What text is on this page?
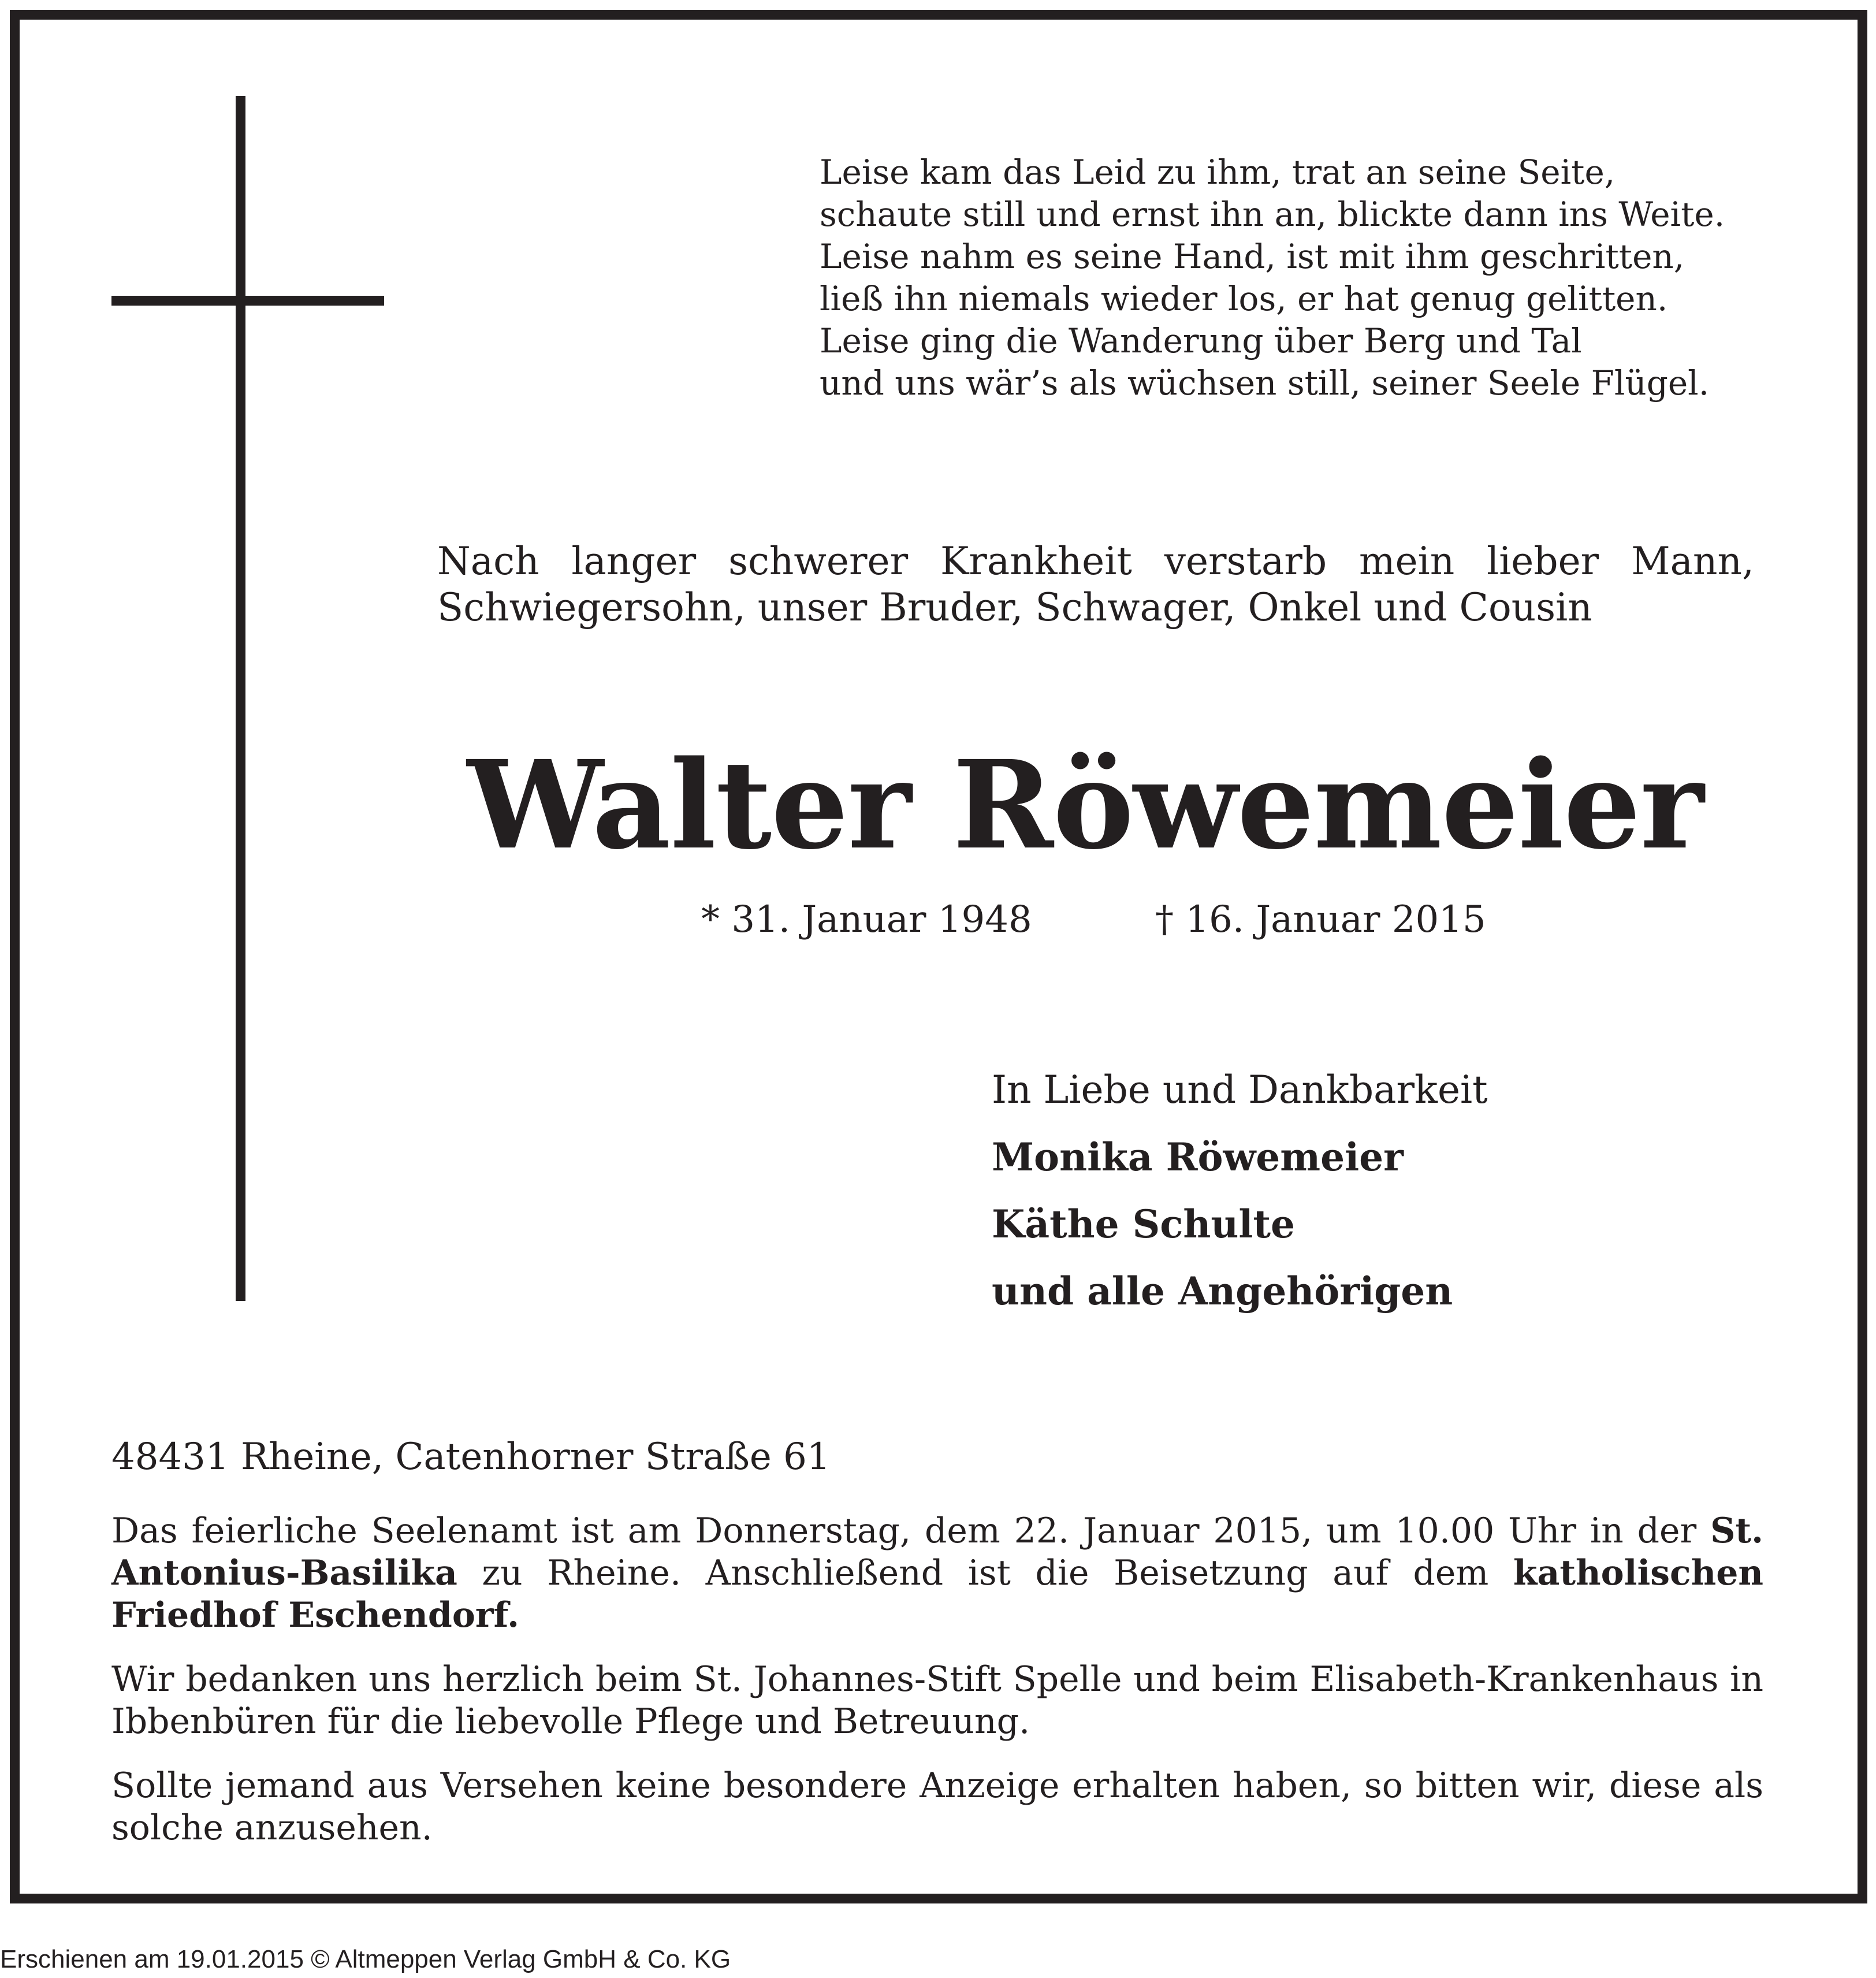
Leise kam das Leid zu ihm, trat an seine Seite,
schaute still und ernst ihn an, blickte dann ins Weite.
Leise nahm es seine Hand, ist mit ihm geschritten,
ließ ihn niemals wieder los, er hat genug gelitten.
Leise ging die Wanderung über Berg und Tal
und uns wär’s als wüchsen still, seiner Seele Flügel.
Nach langer schwerer Krankheit verstarb mein lieber Mann,
Schwiegersohn, unser Bruder, Schwager, Onkel und Cousin
Walter Röwemeier
* 31. Januar 1948	† 16. Januar 2015
In Liebe und Dankbarkeit
Monika Röwemeier
Käthe Schulte
und alle Angehörigen
48431 Rheine, Catenhorner Straße 61

Das feierliche Seelenamt ist am Donnerstag, dem 22. Januar 2015, um 10.00 Uhr in der St. Antonius-Basilika zu Rheine. Anschließend ist die Beisetzung auf dem katholischen Friedhof Eschendorf.

Wir bedanken uns herzlich beim St. Johannes-Stift Spelle und beim Elisabeth-Krankenhaus in Ibbenbüren für die liebevolle Pflege und Betreuung.

Sollte jemand aus Versehen keine besondere Anzeige erhalten haben, so bitten wir, diese als solche anzusehen.

Erschienen am 19.01.2015 © Altmeppen Verlag GmbH & Co. KG
